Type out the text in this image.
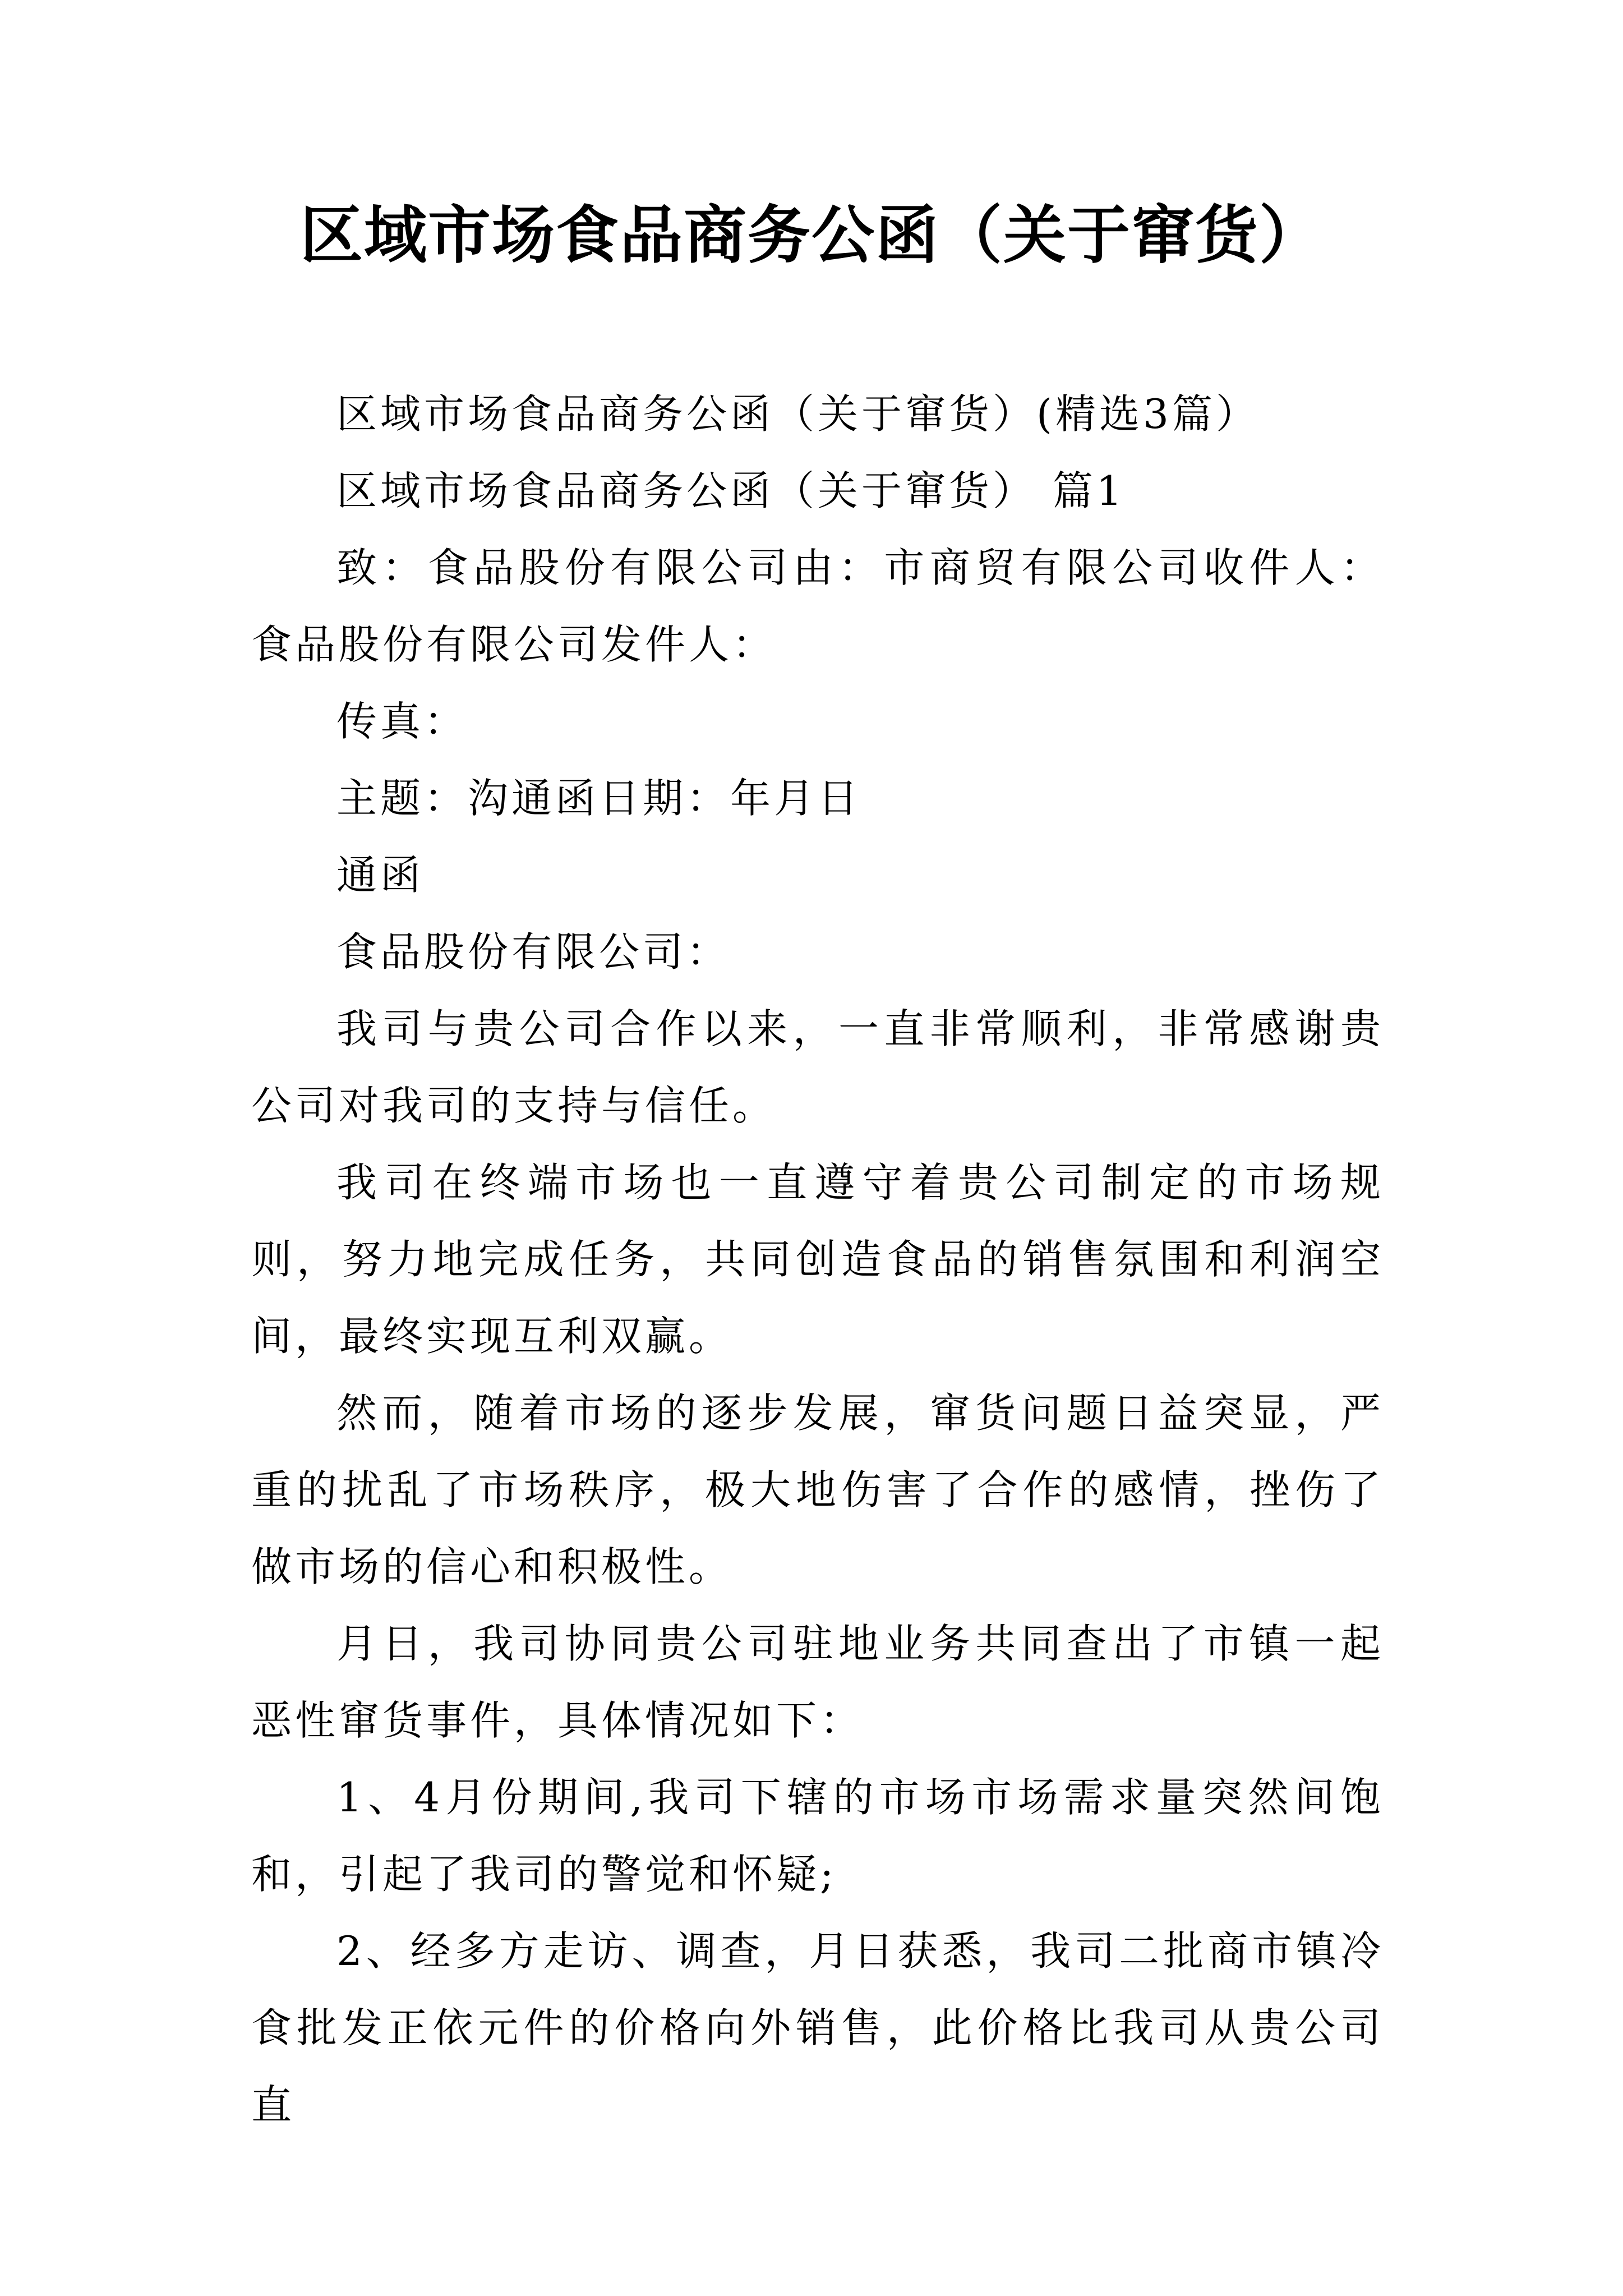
区域市场食品商务公函（关于窜货）

区域市场食品商务公函（关于窜货）(精选3篇）

区域市场食品商务公函（关于窜货） 篇1

致：食品股份有限公司由：市商贸有限公司收件人：食品股份有限公司发件人：

传真：

主题：沟通函日期：年月日

通函

食品股份有限公司：

我司与贵公司合作以来，一直非常顺利，非常感谢贵公司对我司的支持与信任。

我司在终端市场也一直遵守着贵公司制定的市场规则，努力地完成任务，共同创造食品的销售氛围和利润空间，最终实现互利双赢。

然而，随着市场的逐步发展，窜货问题日益突显，严重的扰乱了市场秩序，极大地伤害了合作的感情，挫伤了做市场的信心和积极性。

月日，我司协同贵公司驻地业务共同查出了市镇一起恶性窜货事件，具体情况如下：

1、4月份期间,我司下辖的市场市场需求量突然间饱和，引起了我司的警觉和怀疑;

2、经多方走访、调查，月日获悉，我司二批商市镇冷食批发正依元件的价格向外销售，此价格比我司从贵公司直
